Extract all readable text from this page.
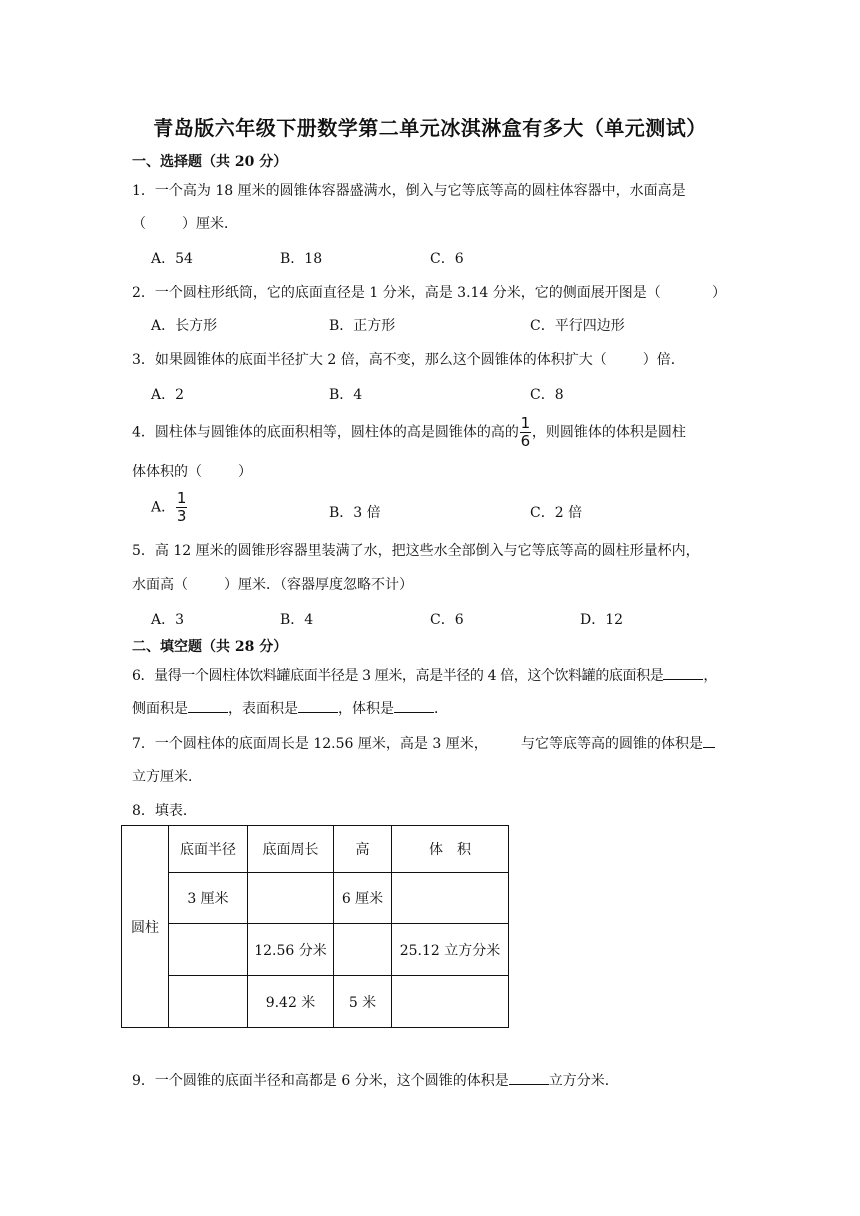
青岛版六年级下册数学第二单元冰淇淋盒有多大（单元测试）
一、选择题（共 20 分）
1．一个高为 18 厘米的圆锥体容器盛满水，倒入与它等底等高的圆柱体容器中，水面高是
（	）厘米．
A．54	B．18	C．6
2．一个圆柱形纸筒，它的底面直径是 1 分米，高是 3.14 分米，它的侧面展开图是（	）
A．长方形	B．正方形	C．平行四边形
3．如果圆锥体的底面半径扩大 2 倍，高不变，那么这个圆锥体的体积扩大（	）倍．
A．2	B．4	C．8
4．圆柱体与圆锥体的底面积相等，圆柱体的高是圆锥体的高的 $\frac{1}{6}$ ，则圆锥体的体积是圆柱
体体积的（	）
A． $\frac{1}{3}$	B．3 倍	C．2 倍
5．高 12 厘米的圆锥形容器里装满了水，把这些水全部倒入与它等底等高的圆柱形量杯内，
水面高（	）厘米．（容器厚度忽略不计）
A．3	B．4	C．6	D．12
二、填空题（共 28 分）
6．量得一个圆柱体饮料罐底面半径是 3 厘米，高是半径的 4 倍，这个饮料罐的底面积是	，
侧面积是	，表面积是	，体积是	．
7．一个圆柱体的底面周长是 12.56 厘米，高是 3 厘米， 与它等底等高的圆锥的体积是
立方厘米．
8．填表．
圆柱	底面半径	底面周长	高	体　积
	3 厘米		6 厘米	
		12.56 分米		25.12 立方分米
		9.42 米	5 米	
9．一个圆锥的底面半径和高都是 6 分米，这个圆锥的体积是	立方分米．
